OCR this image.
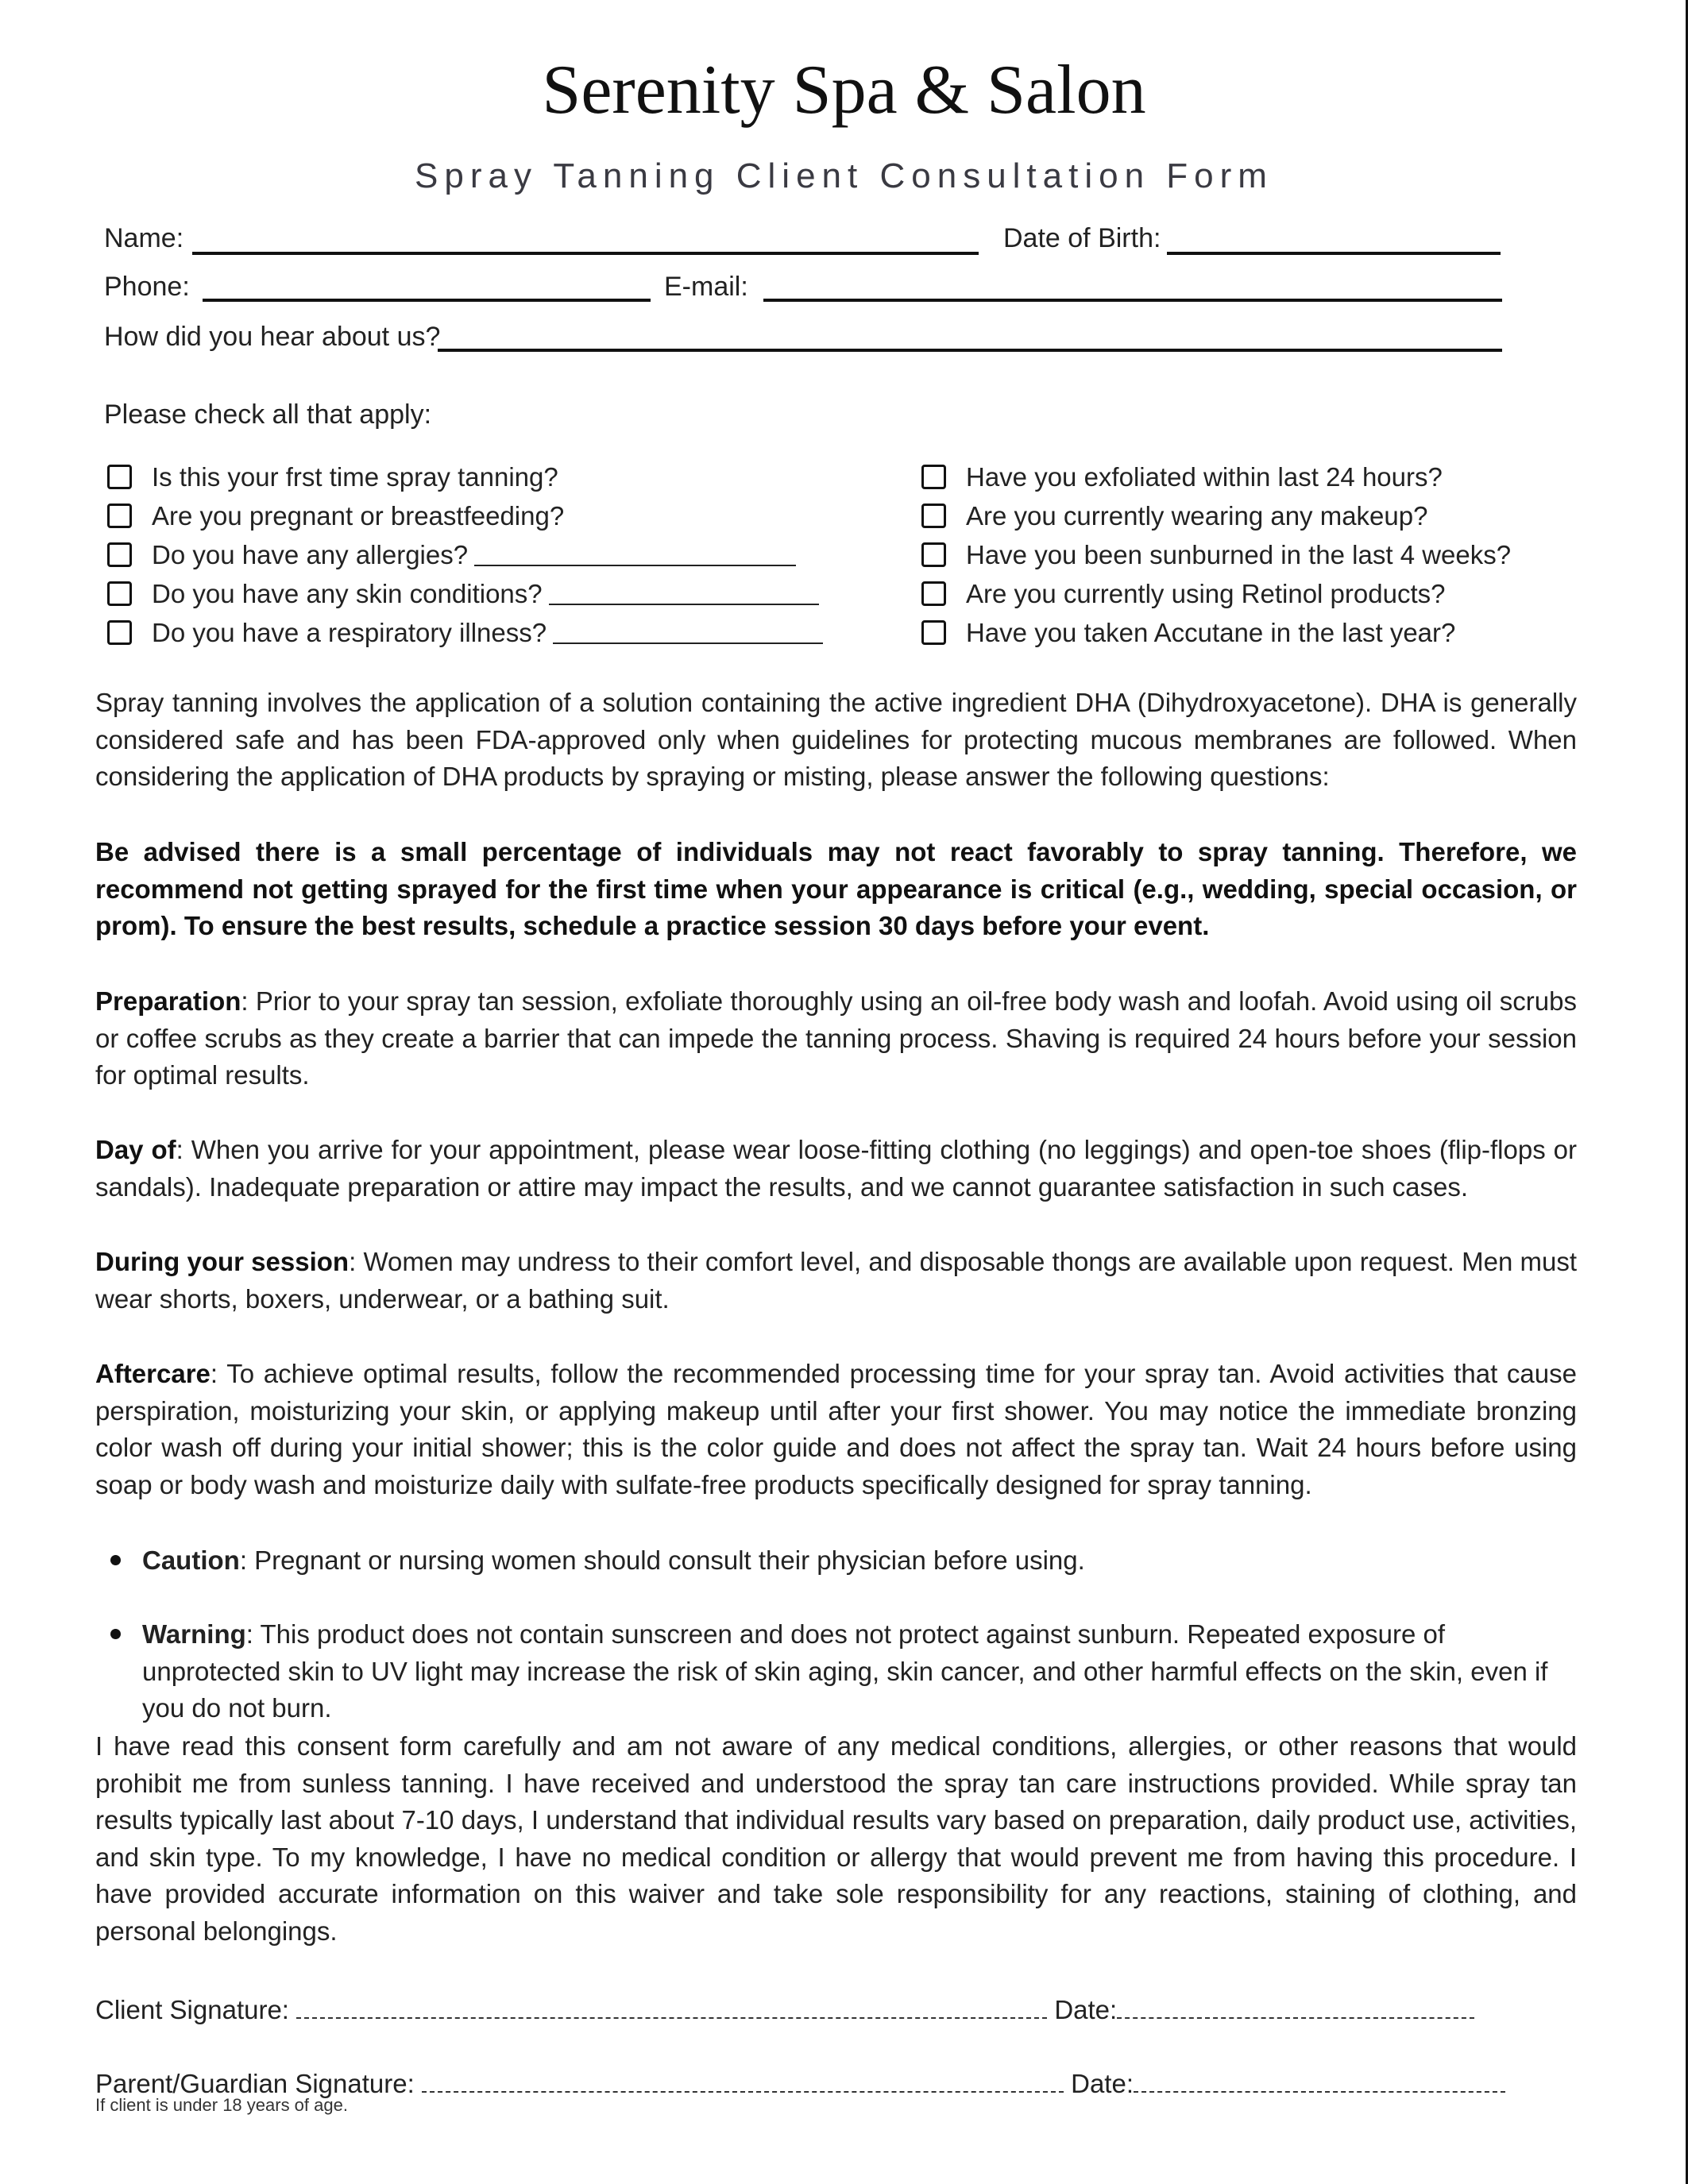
Serenity Spa & Salon
Spray Tanning Client Consultation Form
Name:	Date of Birth:
Phone:	E-mail:
How did you hear about us?
Please check all that apply:
Is this your frst time spray tanning?
Are you pregnant or breastfeeding?
Do you have any allergies?
Do you have any skin conditions?
Do you have a respiratory illness?
Have you exfoliated within last 24 hours?
Are you currently wearing any makeup?
Have you been sunburned in the last 4 weeks?
Are you currently using Retinol products?
Have you taken Accutane in the last year?

Spray tanning involves the application of a solution containing the active ingredient DHA (Dihydroxyacetone). DHA is generally considered safe and has been FDA-approved only when guidelines for protecting mucous membranes are followed. When considering the application of DHA products by spraying or misting, please answer the following questions:

Be advised there is a small percentage of individuals may not react favorably to spray tanning. Therefore, we recommend not getting sprayed for the first time when your appearance is critical (e.g., wedding, special occasion, or prom). To ensure the best results, schedule a practice session 30 days before your event.

Preparation: Prior to your spray tan session, exfoliate thoroughly using an oil-free body wash and loofah. Avoid using oil scrubs or coffee scrubs as they create a barrier that can impede the tanning process. Shaving is required 24 hours before your session for optimal results.

Day of: When you arrive for your appointment, please wear loose-fitting clothing (no leggings) and open-toe shoes (flip-flops or sandals). Inadequate preparation or attire may impact the results, and we cannot guarantee satisfaction in such cases.

During your session: Women may undress to their comfort level, and disposable thongs are available upon request. Men must wear shorts, boxers, underwear, or a bathing suit.

Aftercare: To achieve optimal results, follow the recommended processing time for your spray tan. Avoid activities that cause perspiration, moisturizing your skin, or applying makeup until after your first shower. You may notice the immediate bronzing color wash off during your initial shower; this is the color guide and does not affect the spray tan. Wait 24 hours before using soap or body wash and moisturize daily with sulfate-free products specifically designed for spray tanning.

Caution: Pregnant or nursing women should consult their physician before using.
Warning: This product does not contain sunscreen and does not protect against sunburn. Repeated exposure of unprotected skin to UV light may increase the risk of skin aging, skin cancer, and other harmful effects on the skin, even if you do not burn.

I have read this consent form carefully and am not aware of any medical conditions, allergies, or other reasons that would prohibit me from sunless tanning. I have received and understood the spray tan care instructions provided. While spray tan results typically last about 7-10 days, I understand that individual results vary based on preparation, daily product use, activities, and skin type. To my knowledge, I have no medical condition or allergy that would prevent me from having this procedure. I have provided accurate information on this waiver and take sole responsibility for any reactions, staining of clothing, and personal belongings.

Client Signature:	Date:
Parent/Guardian Signature:	Date:
If client is under 18 years of age.
